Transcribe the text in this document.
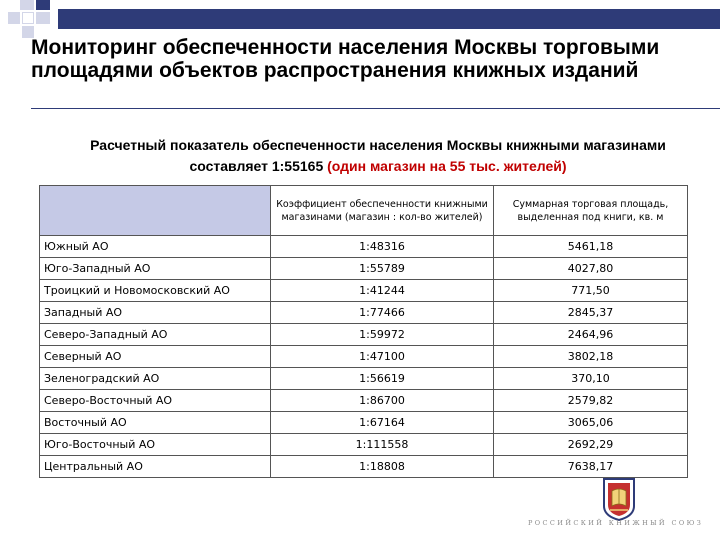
Мониторинг обеспеченности населения Москвы торговыми площадями объектов распространения книжных изданий
Расчетный показатель обеспеченности населения Москвы книжными магазинами
составляет 1:55165 (один магазин на 55 тыс. жителей)
	Коэффициент обеспеченности книжными магазинами (магазин : кол-во жителей)	Суммарная торговая площадь, выделенная под книги, кв. м
Южный АО	1:48316	5461,18
Юго-Западный АО	1:55789	4027,80
Троицкий и Новомосковский АО	1:41244	771,50
Западный АО	1:77466	2845,37
Северо-Западный АО	1:59972	2464,96
Северный АО	1:47100	3802,18
Зеленоградский АО	1:56619	370,10
Северо-Восточный АО	1:86700	2579,82
Восточный АО	1:67164	3065,06
Юго-Восточный АО	1:111558	2692,29
Центральный АО	1:18808	7638,17
РОССИЙСКИЙ КНИЖНЫЙ СОЮЗ
